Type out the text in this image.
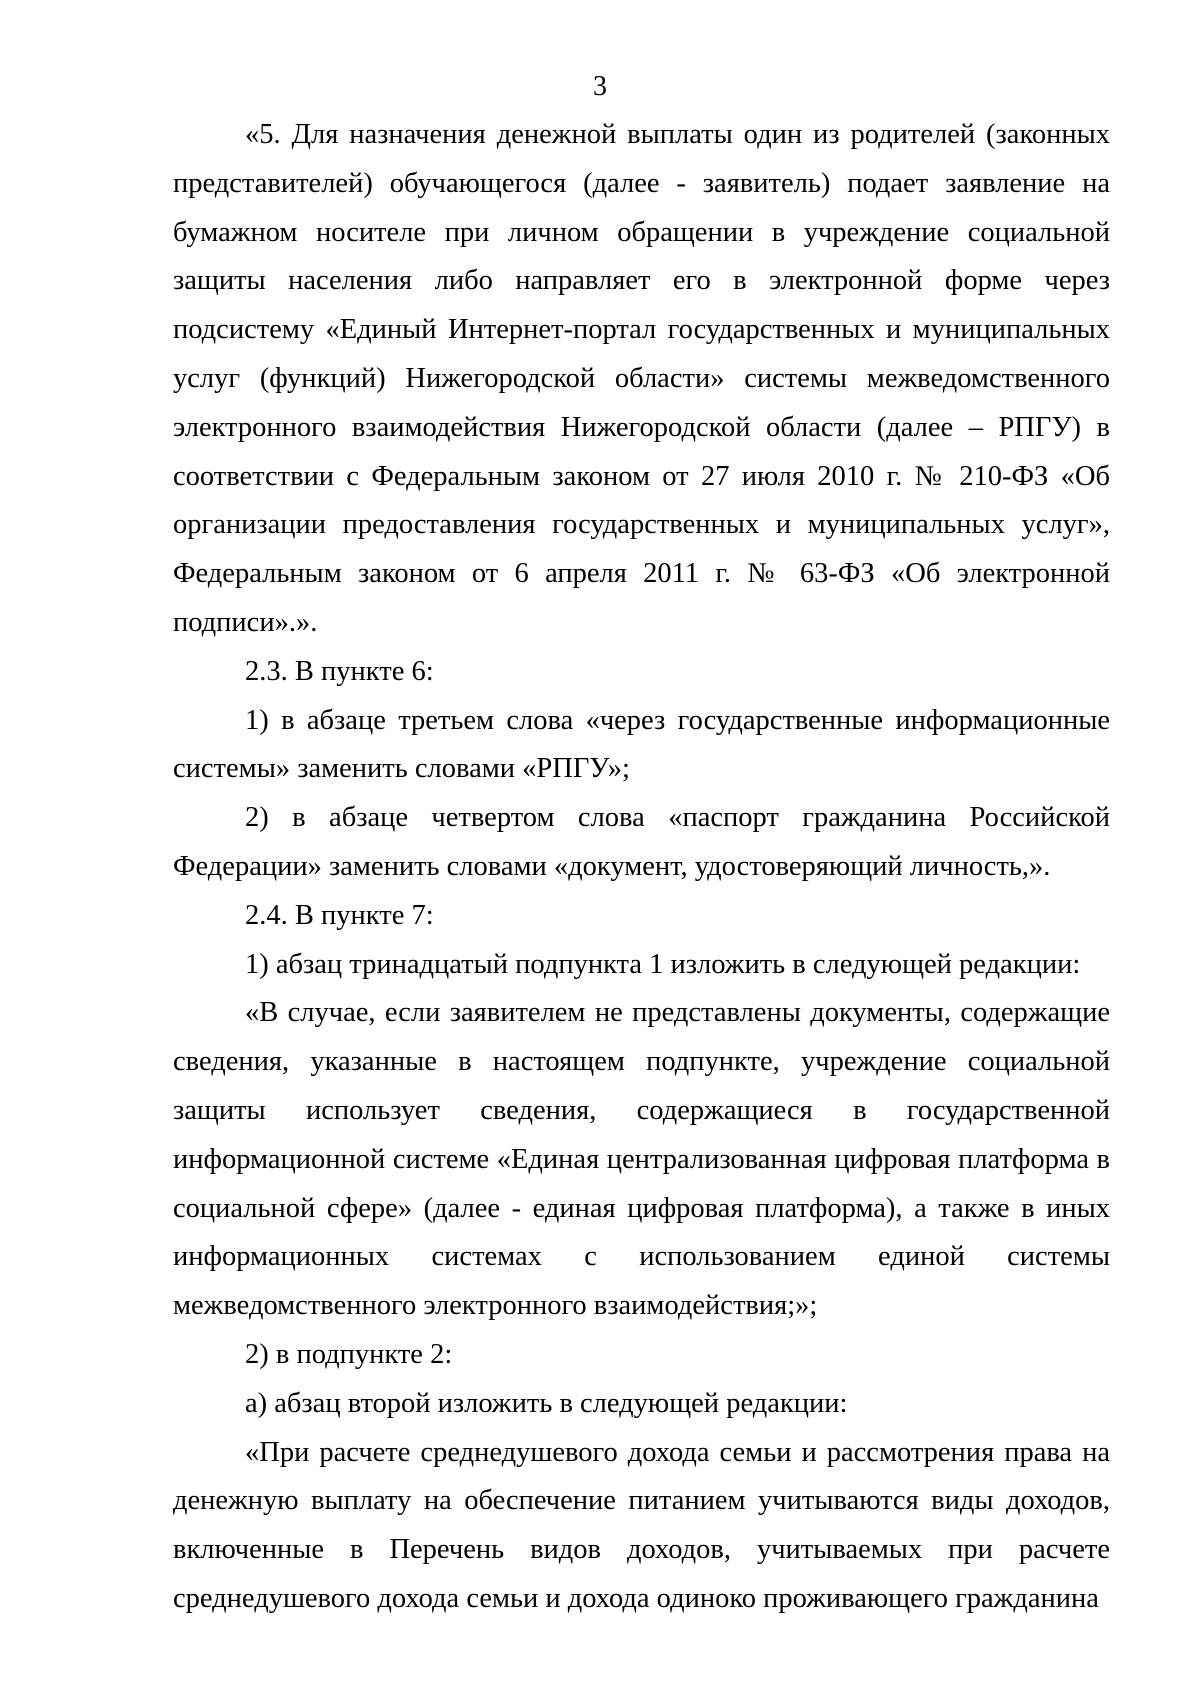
3

«5. Для назначения денежной выплаты один из родителей (законных представителей) обучающегося (далее - заявитель) подает заявление на бумажном носителе при личном обращении в учреждение социальной защиты населения либо направляет его в электронной форме через подсистему «Единый Интернет-портал государственных и муниципальных услуг (функций) Нижегородской области» системы межведомственного электронного взаимодействия Нижегородской области (далее – РПГУ) в соответствии с Федеральным законом от 27 июля 2010 г. № 210-ФЗ «Об организации предоставления государственных и муниципальных услуг», Федеральным законом от 6 апреля 2011 г. № 63-ФЗ «Об электронной подписи».».

2.3. В пункте 6:

1) в абзаце третьем слова «через государственные информационные системы» заменить словами «РПГУ»;

2) в абзаце четвертом слова «паспорт гражданина Российской Федерации» заменить словами «документ, удостоверяющий личность,».

2.4. В пункте 7:

1) абзац тринадцатый подпункта 1 изложить в следующей редакции:

«В случае, если заявителем не представлены документы, содержащие сведения, указанные в настоящем подпункте, учреждение социальной защиты использует сведения, содержащиеся в государственной информационной системе «Единая централизованная цифровая платформа в социальной сфере» (далее - единая цифровая платформа), а также в иных информационных системах с использованием единой системы межведомственного электронного взаимодействия;»;

2) в подпункте 2:

а) абзац второй изложить в следующей редакции:

«При расчете среднедушевого дохода семьи и рассмотрения права на денежную выплату на обеспечение питанием учитываются виды доходов, включенные в Перечень видов доходов, учитываемых при расчете среднедушевого дохода семьи и дохода одиноко проживающего гражданина
